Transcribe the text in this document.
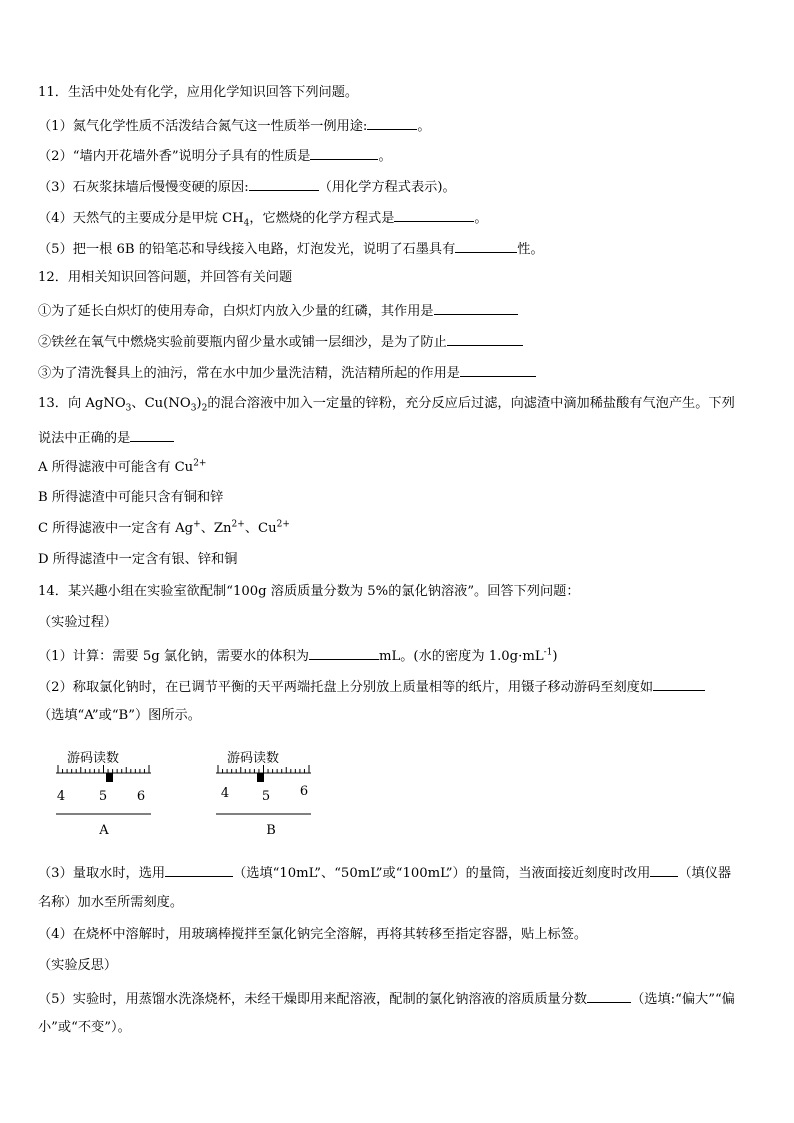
11．生活中处处有化学，应用化学知识回答下列问题。
（1）氮气化学性质不活泼结合氮气这一性质举一例用途:	。
（2）“墙内开花墙外香”说明分子具有的性质是	。
（3）石灰浆抹墙后慢慢变硬的原因:	（用化学方程式表示)。
（4）天然气的主要成分是甲烷 $CH_4$，它燃烧的化学方程式是	。
（5）把一根 6B 的铅笔芯和导线接入电路，灯泡发光，说明了石墨具有	性。
12．用相关知识回答问题，并回答有关问题
①为了延长白炽灯的使用寿命，白炽灯内放入少量的红磷，其作用是
②铁丝在氧气中燃烧实验前要瓶内留少量水或铺一层细沙，是为了防止
③为了清洗餐具上的油污，常在水中加少量洗洁精，洗洁精所起的作用是
13．向 AgNO$_3$、$Cu(NO_3)_2$的混合溶液中加入一定量的锌粉，充分反应后过滤，向滤渣中滴加稀盐酸有气泡产生。下列
说法中正确的是
A 所得滤液中可能含有 $Cu^{2+}$
B 所得滤渣中可能只含有铜和锌
C 所得滤液中一定含有 Ag+、$Zn^{2+}$、$Cu^{2+}$
D 所得滤渣中一定含有银、锌和铜
14．某兴趣小组在实验室欲配制“100g 溶质质量分数为 5%的氯化钠溶液”。回答下列问题：
（实验过程）
（1）计算：需要 5g 氯化钠，需要水的体积为	mL。(水的密度为 $1.0g\cdot mL^{-1}$)
（2）称取氯化钠时，在已调节平衡的天平两端托盘上分别放上质量相等的纸片，用镊子移动游码至刻度如
（选填“A”或“B”）图所示。
游码读数
4	5 6
A
游码读数
4	5 6
B
（3）量取水时，选用	（选填“10mL”、“50mL”或“100mL”）的量筒，当液面接近刻度时改用 （填仪器
名称）加水至所需刻度。
（4）在烧杯中溶解时，用玻璃棒搅拌至氯化钠完全溶解，再将其转移至指定容器，贴上标签。
（实验反思）
（5）实验时，用蒸馏水洗涤烧杯，未经干燥即用来配溶液，配制的氯化钠溶液的溶质质量分数	（选填:“偏大”“偏
小”或“不变”）。
